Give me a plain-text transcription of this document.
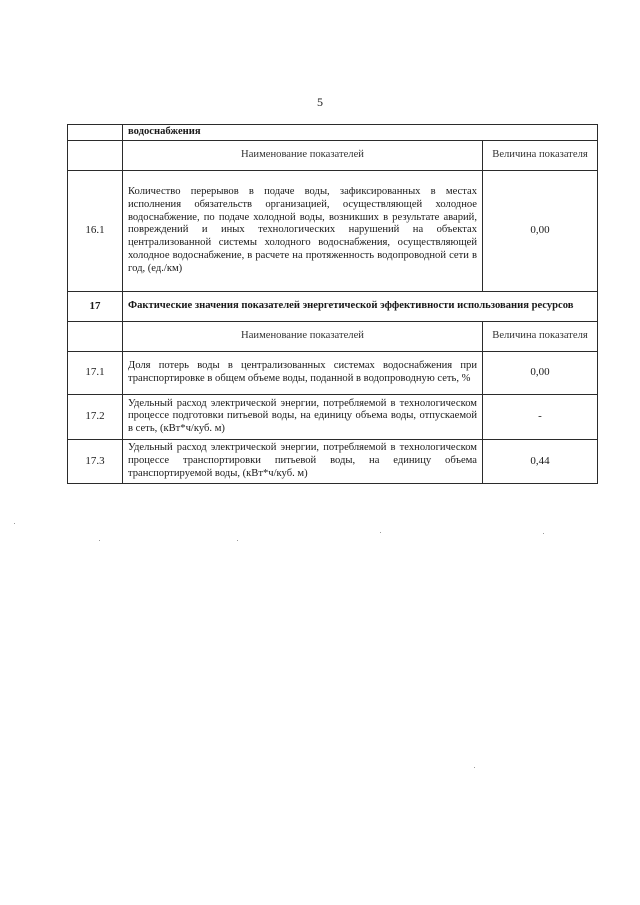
5
	водоснабжения	
	Наименование показателей	Величина показателя
16.1	Количество перерывов в подаче воды, зафиксированных в местах исполнения обязательств организацией, осуществляющей холодное водоснабжение, по подаче холодной воды, возникших в результате аварий, повреждений и иных технологических нарушений на объектах централизованной системы холодного водоснабжения, осуществляющей холодное водоснабжение, в расчете на протяженность водопроводной сети в год, (ед./км)	0,00
17	Фактические значения показателей энергетической эффективности использования ресурсов	
	Наименование показателей	Величина показателя
17.1	Доля потерь воды в централизованных системах водоснабжения при транспортировке в общем объеме воды, поданной в водопроводную сеть, %	0,00
17.2	Удельный расход электрической энергии, потребляемой в технологическом процессе подготовки питьевой воды, на единицу объема воды, отпускаемой в сеть, (кВт*ч/куб. м)	-
17.3	Удельный расход электрической энергии, потребляемой в технологическом процессе транспортировки питьевой воды, на единицу объема транспортируемой воды, (кВт*ч/куб. м)	0,44
